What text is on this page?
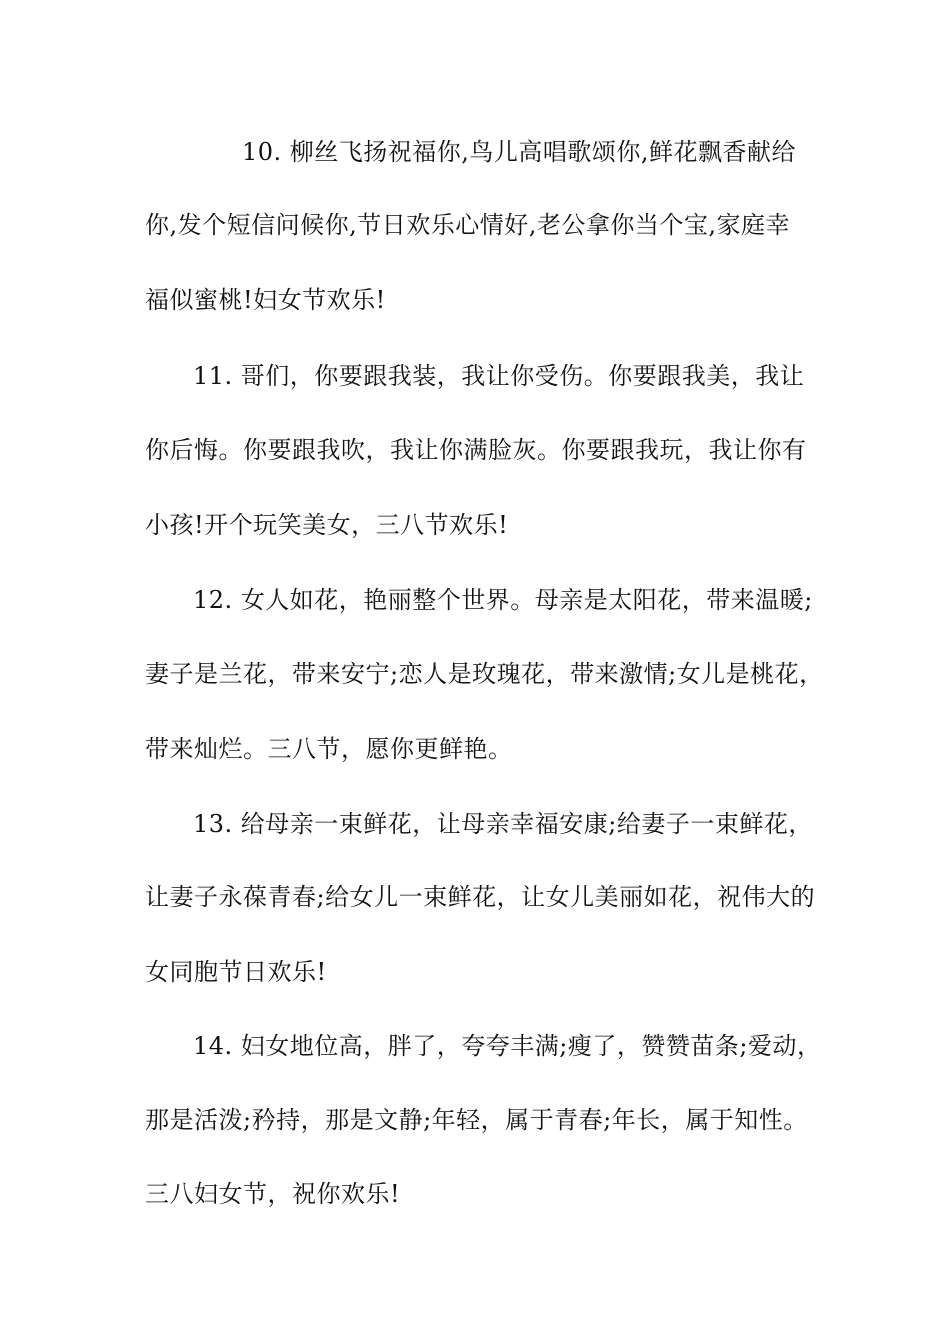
10. 柳丝飞扬祝福你,鸟儿高唱歌颂你,鲜花飘香献给

你,发个短信问候你,节日欢乐心情好,老公拿你当个宝,家庭幸

福似蜜桃!妇女节欢乐!

11. 哥们，你要跟我装，我让你受伤。你要跟我美，我让

你后悔。你要跟我吹，我让你满脸灰。你要跟我玩，我让你有

小孩!开个玩笑美女，三八节欢乐!

12. 女人如花，艳丽整个世界。母亲是太阳花，带来温暖;

妻子是兰花，带来安宁;恋人是玫瑰花，带来激情;女儿是桃花，

带来灿烂。三八节，愿你更鲜艳。

13. 给母亲一束鲜花，让母亲幸福安康;给妻子一束鲜花，

让妻子永葆青春;给女儿一束鲜花，让女儿美丽如花，祝伟大的

女同胞节日欢乐!

14. 妇女地位高，胖了，夸夸丰满;瘦了，赞赞苗条;爱动，

那是活泼;矜持，那是文静;年轻，属于青春;年长，属于知性。

三八妇女节，祝你欢乐!
